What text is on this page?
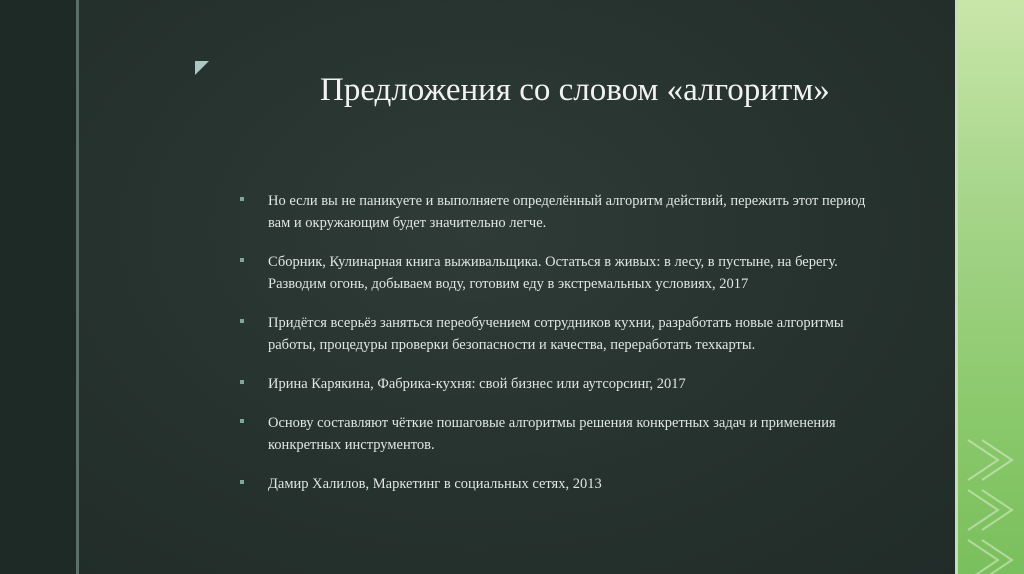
Предложения со словом «алгоритм»
Но если вы не паникуете и выполняете определённый алгоритм действий, пережить этот период вам и окружающим будет значительно легче.
Сборник, Кулинарная книга выживальщика. Остаться в живых: в лесу, в пустыне, на берегу. Разводим огонь, добываем воду, готовим еду в экстремальных условиях, 2017
Придётся всерьёз заняться переобучением сотрудников кухни, разработать новые алгоритмы работы, процедуры проверки безопасности и качества, переработать техкарты.
Ирина Карякина, Фабрика-кухня: свой бизнес или аутсорсинг, 2017
Основу составляют чёткие пошаговые алгоритмы решения конкретных задач и применения конкретных инструментов.
Дамир Халилов, Маркетинг в социальных сетях, 2013
